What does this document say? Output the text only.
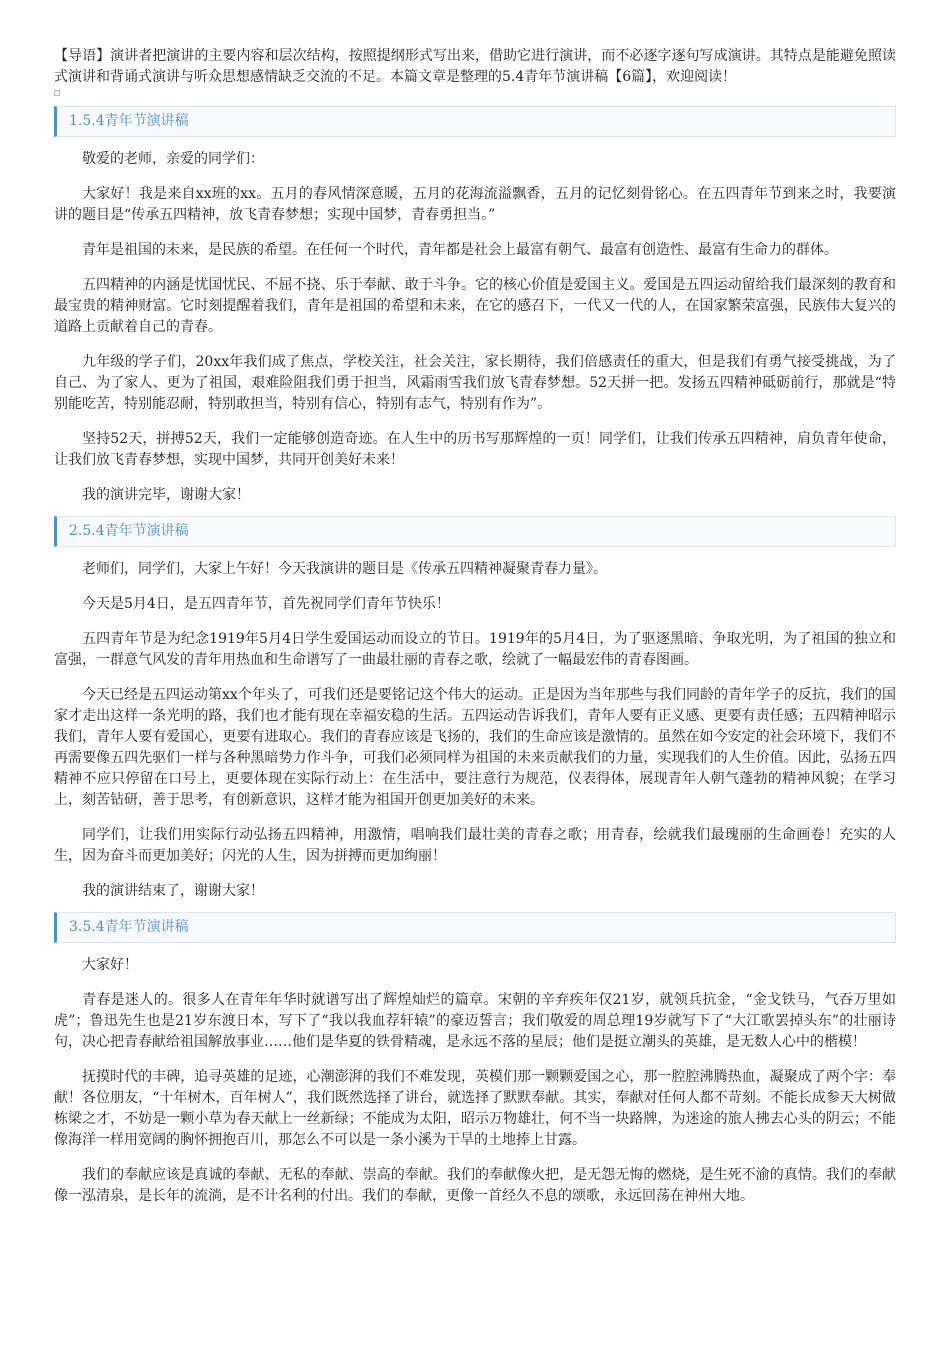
【导语】演讲者把演讲的主要内容和层次结构，按照提纲形式写出来，借助它进行演讲，而不必逐字逐句写成演讲。其特点是能避免照读式演讲和背诵式演讲与听众思想感情缺乏交流的不足。本篇文章是整理的5.4青年节演讲稿【6篇】，欢迎阅读！

1.5.4青年节演讲稿

敬爱的老师，亲爱的同学们：

大家好！我是来自xx班的xx。五月的春风情深意暖，五月的花海流溢飘香，五月的记忆刻骨铭心。在五四青年节到来之时，我要演讲的题目是“传承五四精神，放飞青春梦想；实现中国梦，青春勇担当。”

青年是祖国的未来，是民族的希望。在任何一个时代，青年都是社会上最富有朝气、最富有创造性、最富有生命力的群体。

五四精神的内涵是忧国忧民、不屈不挠、乐于奉献、敢于斗争。它的核心价值是爱国主义。爱国是五四运动留给我们最深刻的教育和最宝贵的精神财富。它时刻提醒着我们，青年是祖国的希望和未来，在它的感召下，一代又一代的人，在国家繁荣富强，民族伟大复兴的道路上贡献着自己的青春。

九年级的学子们，20xx年我们成了焦点，学校关注，社会关注，家长期待，我们倍感责任的重大，但是我们有勇气接受挑战，为了自己、为了家人、更为了祖国，艰难险阻我们勇于担当，风霜雨雪我们放飞青春梦想。52天拼一把。发扬五四精神砥砺前行，那就是“特别能吃苦，特别能忍耐，特别敢担当，特别有信心，特别有志气，特别有作为”。

坚持52天，拼搏52天，我们一定能够创造奇迹。在人生中的历书写那辉煌的一页！同学们，让我们传承五四精神，肩负青年使命，让我们放飞青春梦想，实现中国梦，共同开创美好未来！

我的演讲完毕，谢谢大家！

2.5.4青年节演讲稿

老师们，同学们，大家上午好！今天我演讲的题目是《传承五四精神凝聚青春力量》。

今天是5月4日，是五四青年节，首先祝同学们青年节快乐！

五四青年节是为纪念1919年5月4日学生爱国运动而设立的节日。1919年的5月4日，为了驱逐黑暗、争取光明，为了祖国的独立和富强，一群意气风发的青年用热血和生命谱写了一曲最壮丽的青春之歌，绘就了一幅最宏伟的青春图画。

今天已经是五四运动第xx个年头了，可我们还是要铭记这个伟大的运动。正是因为当年那些与我们同龄的青年学子的反抗，我们的国家才走出这样一条光明的路，我们也才能有现在幸福安稳的生活。五四运动告诉我们，青年人要有正义感、更要有责任感；五四精神昭示我们，青年人要有爱国心，更要有进取心。我们的青春应该是飞扬的，我们的生命应该是激情的。虽然在如今安定的社会环境下，我们不再需要像五四先驱们一样与各种黑暗势力作斗争，可我们必须同样为祖国的未来贡献我们的力量，实现我们的人生价值。因此，弘扬五四精神不应只停留在口号上，更要体现在实际行动上：在生活中，要注意行为规范，仪表得体，展现青年人朝气蓬勃的精神风貌；在学习上，刻苦钻研，善于思考，有创新意识，这样才能为祖国开创更加美好的未来。

同学们，让我们用实际行动弘扬五四精神，用激情，唱响我们最壮美的青春之歌；用青春，绘就我们最瑰丽的生命画卷！充实的人生，因为奋斗而更加美好；闪光的人生，因为拼搏而更加绚丽！

我的演讲结束了，谢谢大家！

3.5.4青年节演讲稿

大家好！

青春是迷人的。很多人在青年年华时就谱写出了辉煌灿烂的篇章。宋朝的辛弃疾年仅21岁，就领兵抗金，“金戈铁马，气吞万里如虎”；鲁迅先生也是21岁东渡日本，写下了“我以我血荐轩辕”的豪迈誓言；我们敬爱的周总理19岁就写下了“大江歌罢掉头东”的壮丽诗句，决心把青春献给祖国解放事业……他们是华夏的铁骨精魂，是永远不落的星辰；他们是挺立潮头的英雄，是无数人心中的楷模！

抚摸时代的丰碑，追寻英雄的足迹，心潮澎湃的我们不难发现，英模们那一颗颗爱国之心，那一腔腔沸腾热血，凝聚成了两个字：奉献！各位朋友，“十年树木，百年树人”，我们既然选择了讲台，就选择了默默奉献。其实，奉献对任何人都不苛刻。不能长成参天大树做栋梁之才，不妨是一颗小草为春天献上一丝新绿；不能成为太阳，昭示万物雄壮，何不当一块路牌，为迷途的旅人拂去心头的阴云；不能像海洋一样用宽阔的胸怀拥抱百川，那怎么不可以是一条小溪为干旱的土地捧上甘露。

我们的奉献应该是真诚的奉献、无私的奉献、崇高的奉献。我们的奉献像火把，是无怨无悔的燃烧，是生死不渝的真情。我们的奉献像一泓清泉，是长年的流淌，是不计名利的付出。我们的奉献，更像一首经久不息的颂歌，永远回荡在神州大地。
